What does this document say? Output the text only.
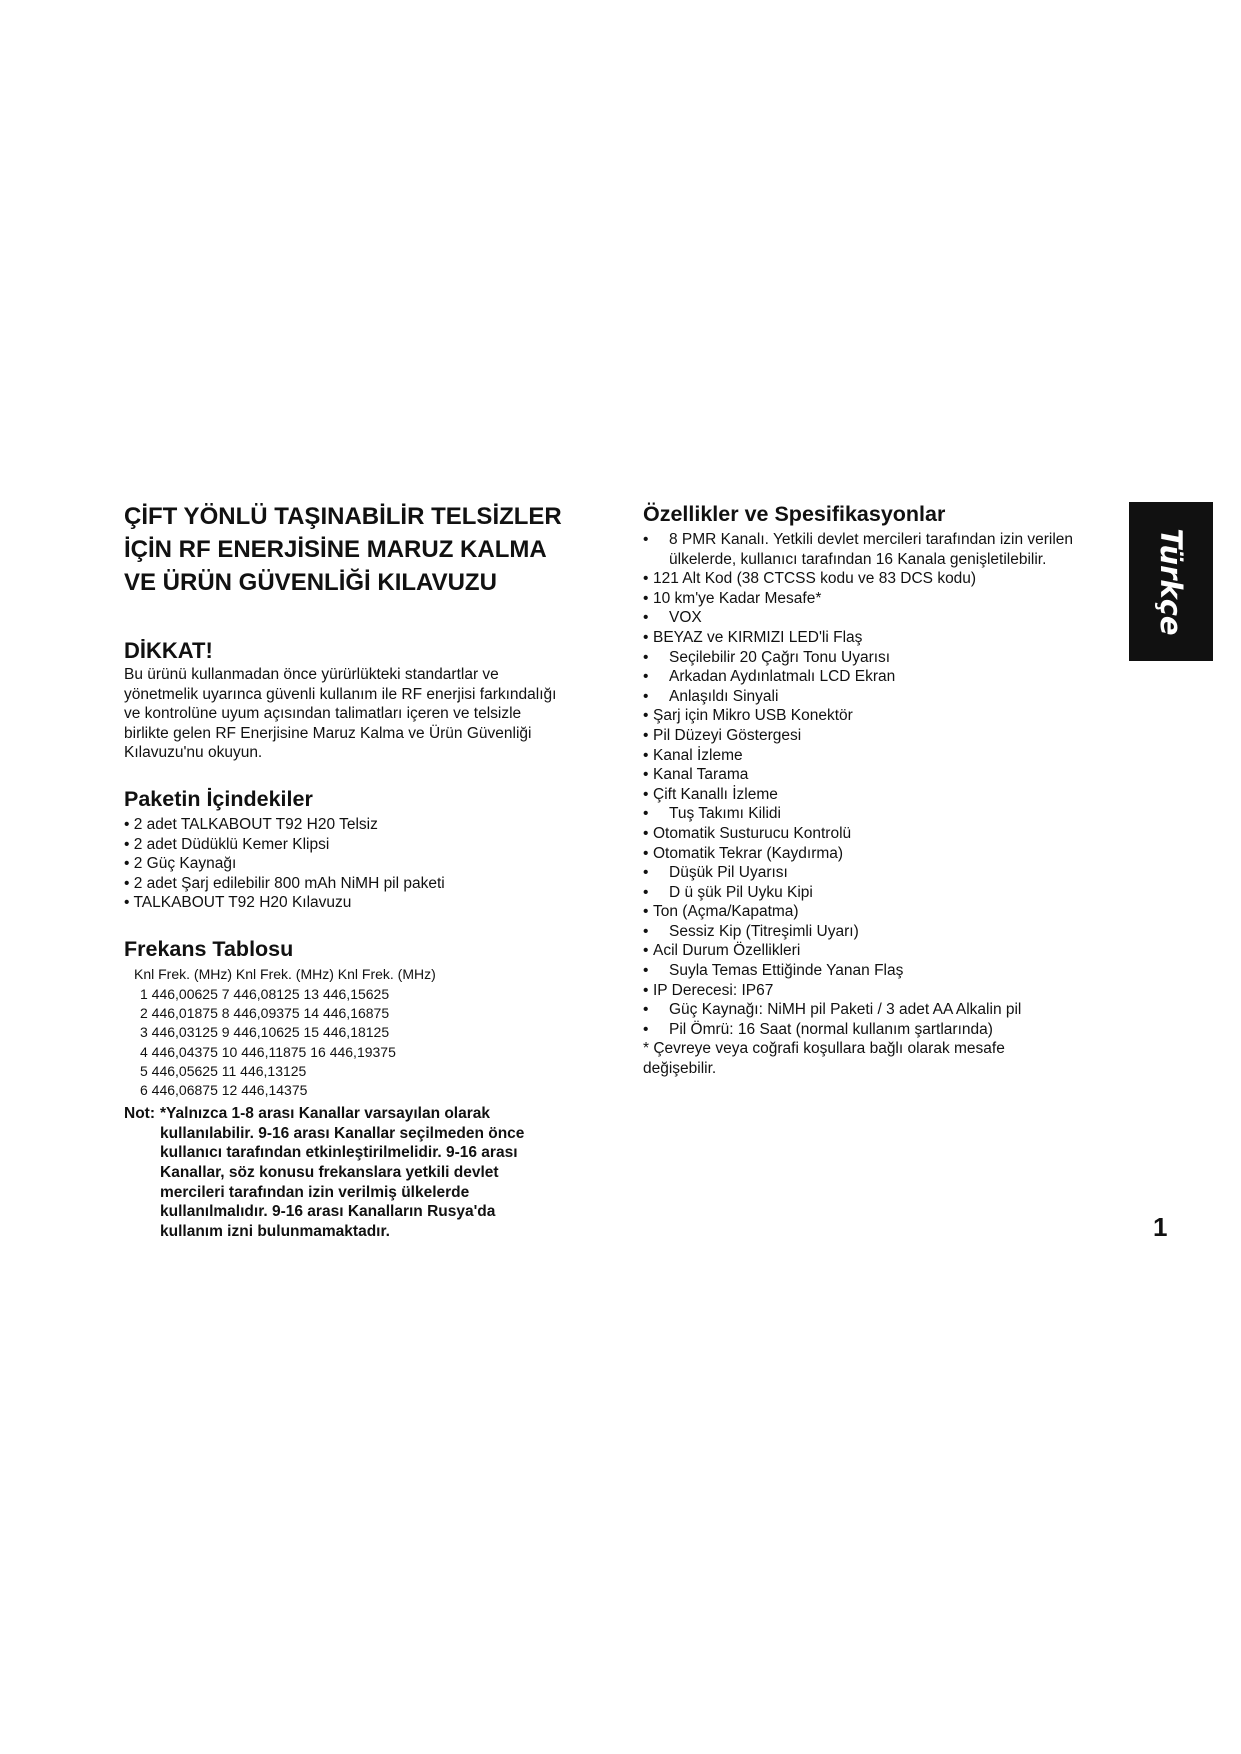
ÇİFT YÖNLÜ TAŞINABİLİR TELSİZLER
İÇİN RF ENERJİSİNE MARUZ KALMA
VE ÜRÜN GÜVENLİĞİ KILAVUZU
DİKKAT!

Bu ürünü kullanmadan önce yürürlükteki standartlar ve
yönetmelik uyarınca güvenli kullanım ile RF enerjisi farkındalığı
ve kontrolüne uyum açısından talimatları içeren ve telsizle
birlikte gelen RF Enerjisine Maruz Kalma ve Ürün Güvenliği
Kılavuzu'nu okuyun.

Paketin İçindekiler
• 2 adet TALKABOUT T92 H20 Telsiz
• 2 adet Düdüklü Kemer Klipsi
• 2 Güç Kaynağı
• 2 adet Şarj edilebilir 800 mAh NiMH pil paketi
• TALKABOUT T92 H20 Kılavuzu
Frekans Tablosu
Knl Frek. (MHz) Knl Frek. (MHz) Knl Frek. (MHz)
1 446,00625 7 446,08125 13 446,15625
2 446,01875 8 446,09375 14 446,16875
3 446,03125 9 446,10625 15 446,18125
4 446,04375 10 446,11875 16 446,19375
5 446,05625 11 446,13125
6 446,06875 12 446,14375
Not: *Yalnızca 1-8 arası Kanallar varsayılan olarak
kullanılabilir. 9-16 arası Kanallar seçilmeden önce
kullanıcı tarafından etkinleştirilmelidir. 9-16 arası
Kanallar, söz konusu frekanslara yetkili devlet
mercileri tarafından izin verilmiş ülkelerde
kullanılmalıdır. 9-16 arası Kanalların Rusya'da
kullanım izni bulunmamaktadır.
Özellikler ve Spesifikasyonlar
•	8 PMR Kanalı. Yetkili devlet mercileri tarafından izin verilen
ülkelerde, kullanıcı tarafından 16 Kanala genişletilebilir.
• 121 Alt Kod (38 CTCSS kodu ve 83 DCS kodu)
• 10 km'ye Kadar Mesafe*
•	VOX
• BEYAZ ve KIRMIZI LED'li Flaş
•	Seçilebilir 20 Çağrı Tonu Uyarısı
•	Arkadan Aydınlatmalı LCD Ekran
•	Anlaşıldı Sinyali
• Şarj için Mikro USB Konektör
• Pil Düzeyi Göstergesi
• Kanal İzleme
• Kanal Tarama
• Çift Kanallı İzleme
•	Tuş Takımı Kilidi
• Otomatik Susturucu Kontrolü
• Otomatik Tekrar (Kaydırma)
•	Düşük Pil Uyarısı
•	D ü şük Pil Uyku Kipi
• Ton (Açma/Kapatma)
•	Sessiz Kip (Titreşimli Uyarı)
• Acil Durum Özellikleri
•	Suyla Temas Ettiğinde Yanan Flaş
• IP Derecesi: IP67
•	Güç Kaynağı: NiMH pil Paketi / 3 adet AA Alkalin pil
•	Pil Ömrü: 16 Saat (normal kullanım şartlarında)
* Çevreye veya coğrafi koşullara bağlı olarak mesafe
değişebilir.
Türkçe
1
